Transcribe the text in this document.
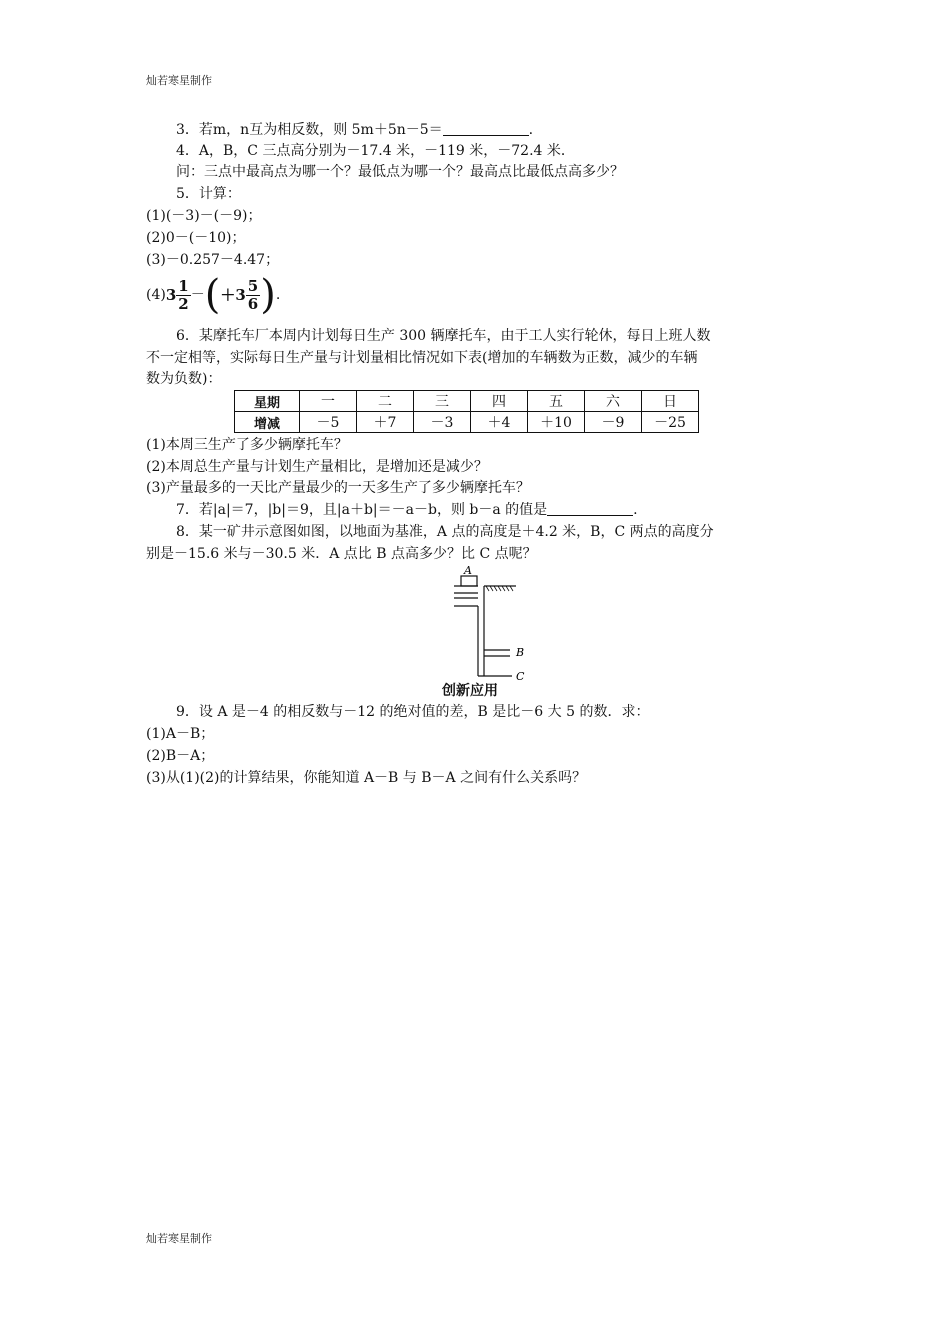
灿若寒星制作
3．若m，n互为相反数，则 5m＋5n－5＝	.
4．A，B，C 三点高分别为－17.4 米，－119 米，－72.4 米．
问：三点中最高点为哪一个？最低点为哪一个？最高点比最低点高多少？
5．计算：
(1)(－3)－(－9)；
(2)0－(－10)；
(3)－0.257－4.47；
$(4)3 \frac{1}{2} -(+3 \frac{5}{6}$ ).
6．某摩托车厂本周内计划每日生产 300 辆摩托车，由于工人实行轮休，每日上班人数
不一定相等，实际每日生产量与计划量相比情况如下表(增加的车辆数为正数，减少的车辆
数为负数)：
星期	一	二	三	四	五	六	日
增减	－5	＋7	－3	＋4	＋10	－9	－25
(1)本周三生产了多少辆摩托车？
(2)本周总生产量与计划生产量相比，是增加还是减少？
(3)产量最多的一天比产量最少的一天多生产了多少辆摩托车？
7．若|a|＝7，|b|＝9，且|a＋b|＝－a－b，则 b－a 的值是	.
8．某一矿井示意图如图，以地面为基准，A 点的高度是＋4.2 米，B，C 两点的高度分
别是－15.6 米与－30.5 米．A 点比 B 点高多少？比 C 点呢？
A
B
C
创新应用
9．设 A 是－4 的相反数与－12 的绝对值的差，B 是比－6 大 5 的数．求：
(1)A－B；
(2)B－A；
(3)从(1)(2)的计算结果，你能知道 A－B 与 B－A 之间有什么关系吗？
灿若寒星制作
